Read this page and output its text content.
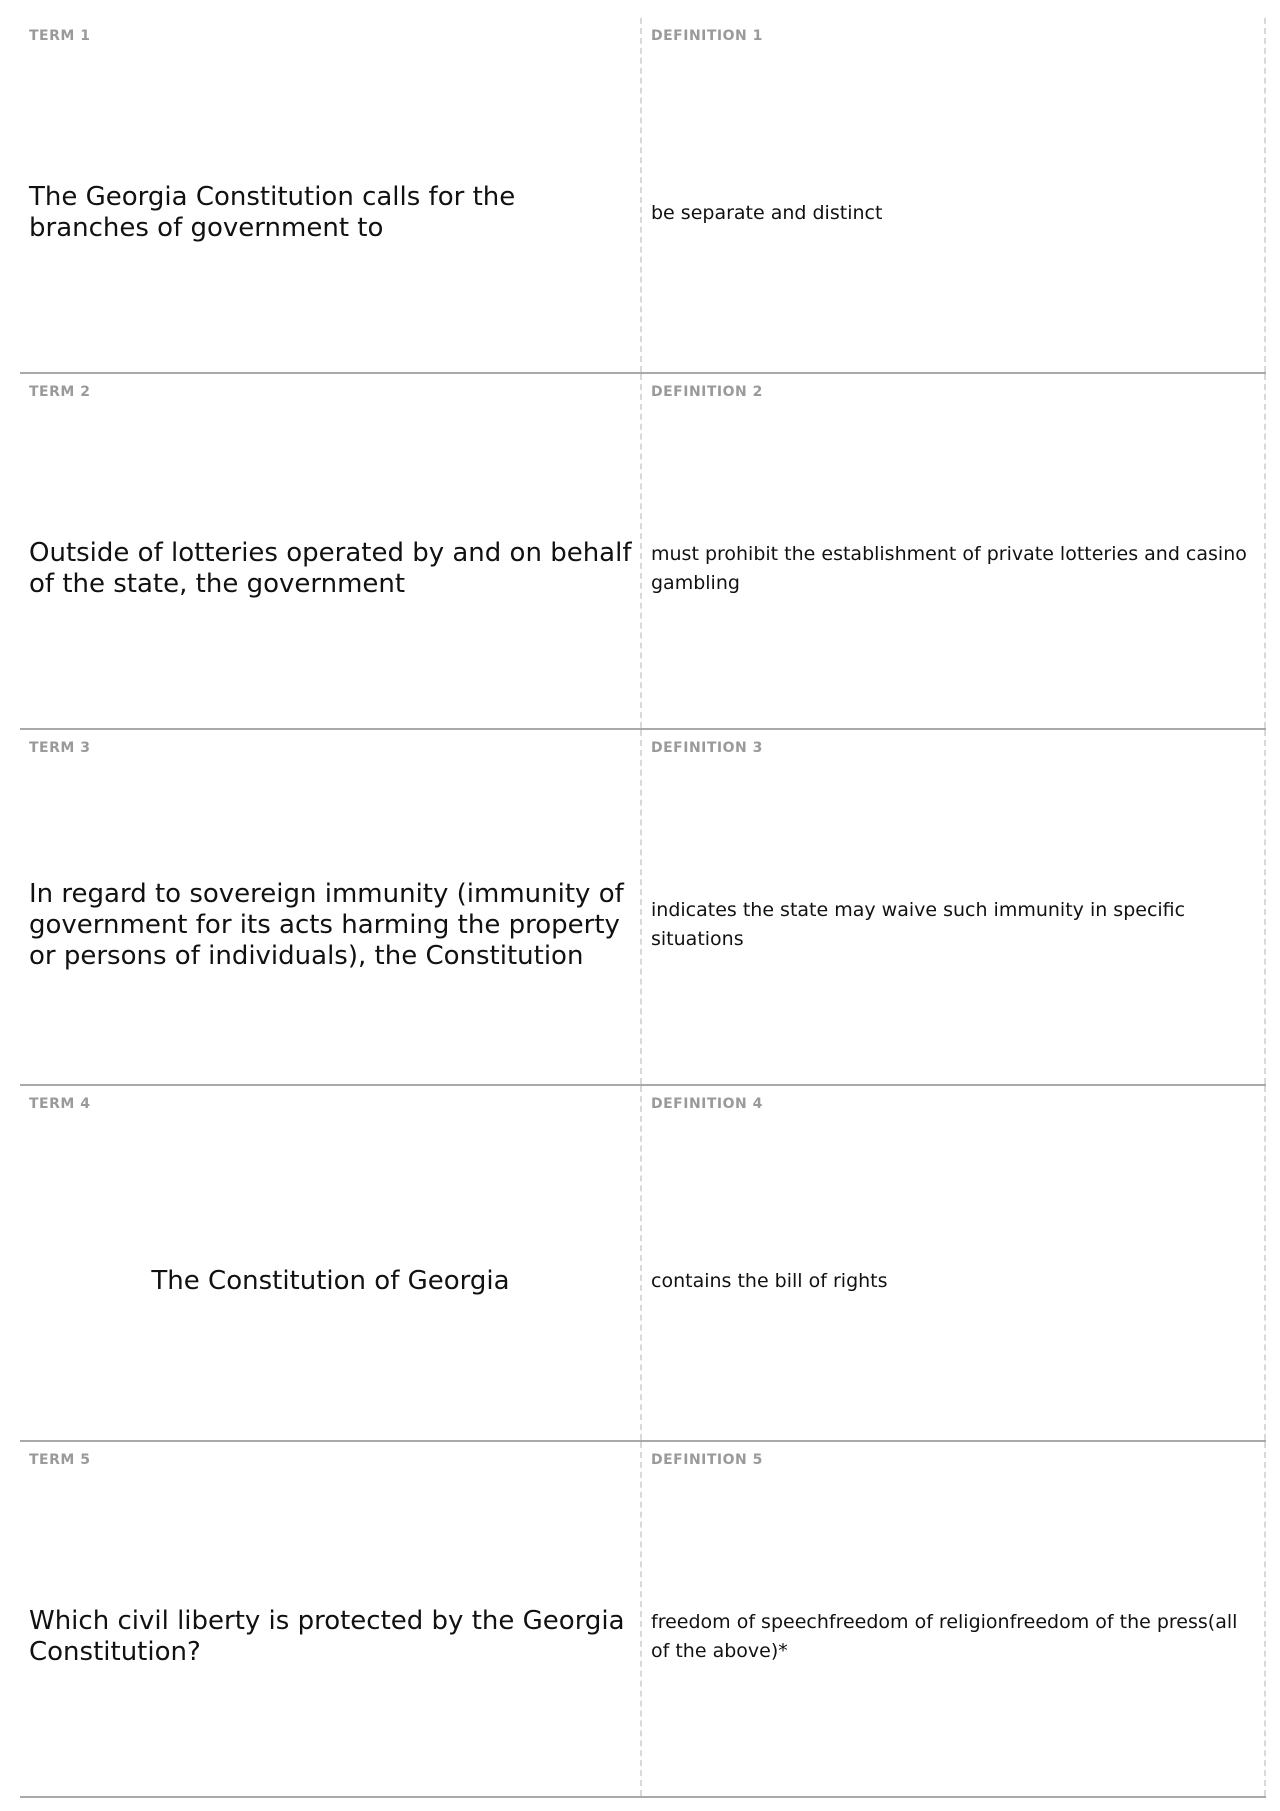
TERM 1
The Georgia Constitution calls for the branches of government to
DEFINITION 1
be separate and distinct
TERM 2
Outside of lotteries operated by and on behalf of the state, the government
DEFINITION 2
must prohibit the establishment of private lotteries and casino gambling
TERM 3
In regard to sovereign immunity (immunity of government for its acts harming the property or persons of individuals), the Constitution
DEFINITION 3
indicates the state may waive such immunity in specific situations
TERM 4
The Constitution of Georgia
DEFINITION 4
contains the bill of rights
TERM 5
Which civil liberty is protected by the Georgia Constitution?
DEFINITION 5
freedom of speechfreedom of religionfreedom of the press(all of the above)*
